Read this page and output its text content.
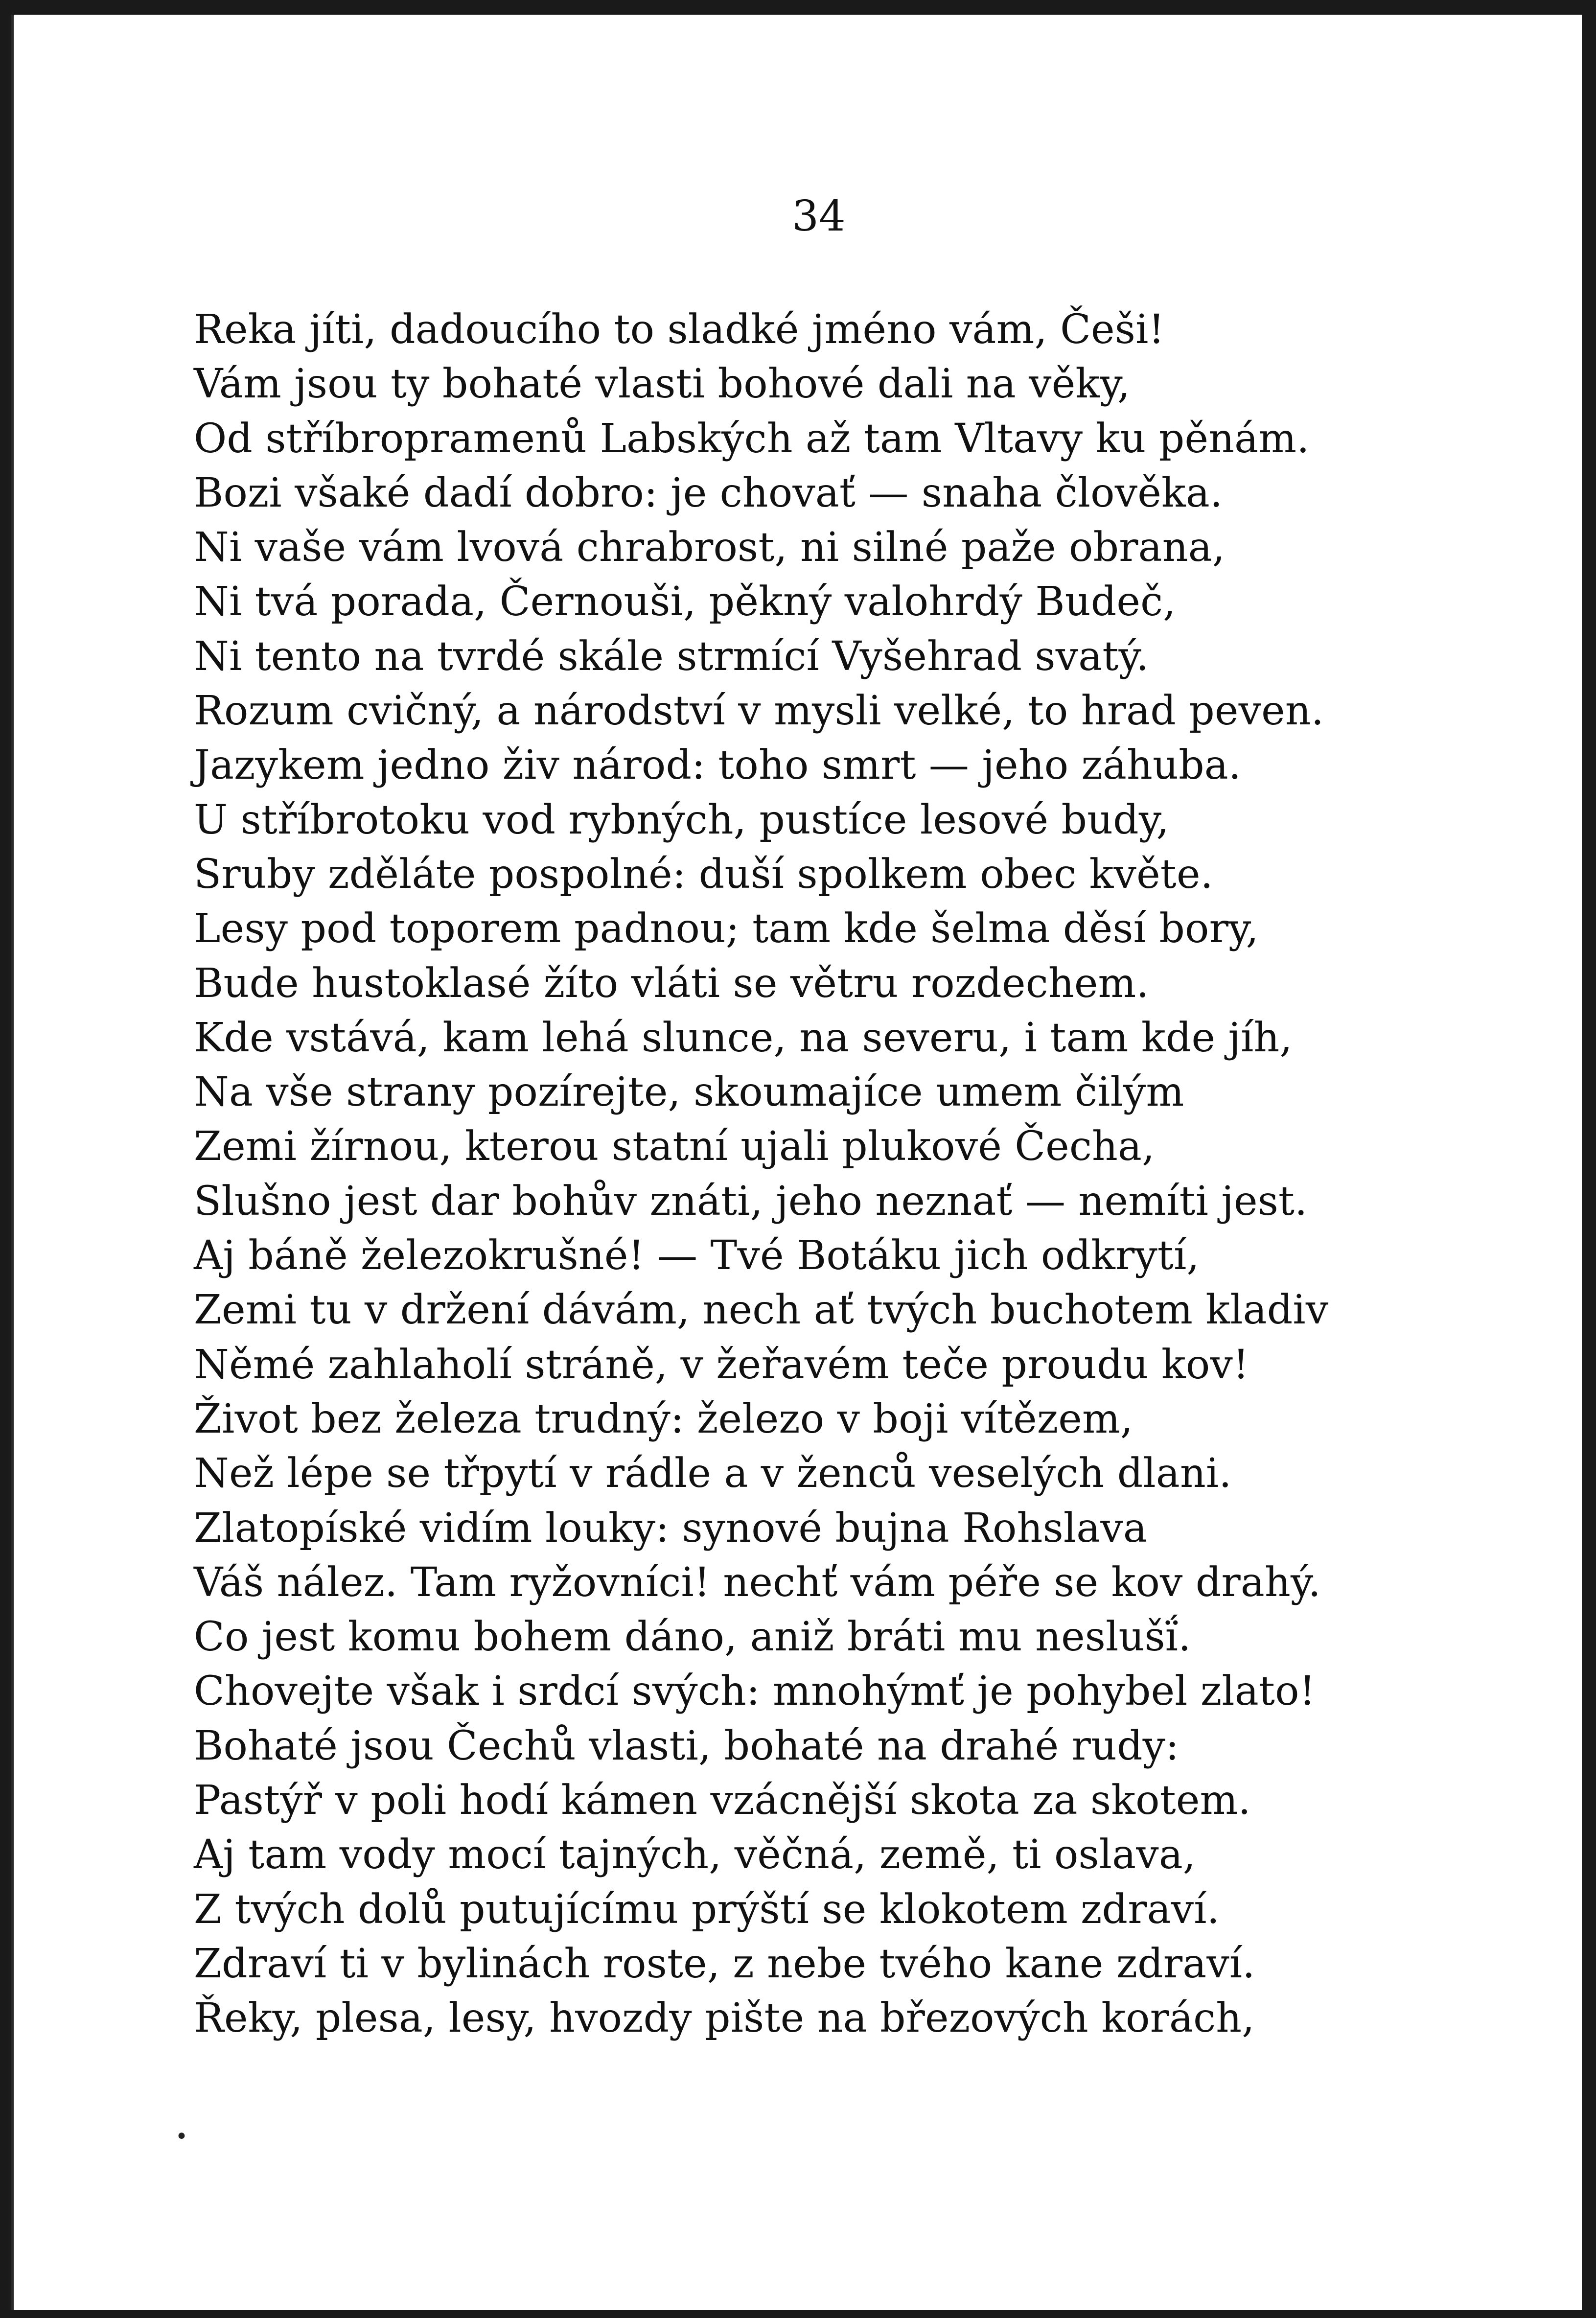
34
Reka jíti, dadoucího to sladké jméno vám, Češi!
Vám jsou ty bohaté vlasti bohové dali na věky,
Od stříbropramenů Labských až tam Vltavy ku pěnám.
Bozi všaké dadí dobro: je chovať — snaha člověka.
Ni vaše vám lvová chrabrost, ni silné paže obrana,
Ni tvá porada, Černouši, pěkný valohrdý Budeč,
Ni tento na tvrdé skále strmící Vyšehrad svatý.
Rozum cvičný, a národství v mysli velké, to hrad peven.
Jazykem jedno živ národ: toho smrt — jeho záhuba.
U stříbrotoku vod rybných, pustíce lesové budy,
Sruby zděláte pospolné: duší spolkem obec květe.
Lesy pod toporem padnou; tam kde šelma děsí bory,
Bude hustoklasé žíto vláti se větru rozdechem.
Kde vstává, kam lehá slunce, na severu, i tam kde jíh,
Na vše strany pozírejte, skoumajíce umem čilým
Zemi žírnou, kterou statní ujali plukové Čecha,
Slušno jest dar bohův znáti, jeho neznať — nemíti jest.
Aj báně železokrušné! — Tvé Botáku jich odkrytí,
Zemi tu v držení dávám, nech ať tvých buchotem kladiv
Němé zahlaholí stráně, v žeřavém teče proudu kov!
Život bez železa trudný: železo v boji vítězem,
Než lépe se třpytí v rádle a v ženců veselých dlani.
Zlatopíské vidím louky: synové bujna Rohslava
Váš nález. Tam ryžovníci! nechť vám péře se kov drahý.
Co jest komu bohem dáno, aniž bráti mu neslušḯ.
Chovejte však i srdcí svých: mnohýmť je pohybel zlato!
Bohaté jsou Čechů vlasti, bohaté na drahé rudy:
Pastýř v poli hodí kámen vzácnější skota za skotem.
Aj tam vody mocí tajných, věčná, země, ti oslava,
Z tvých dolů putujícímu prýští se klokotem zdraví.
Zdraví ti v bylinách roste, z nebe tvého kane zdraví.
Řeky, plesa, lesy, hvozdy pište na březových korách,
•
